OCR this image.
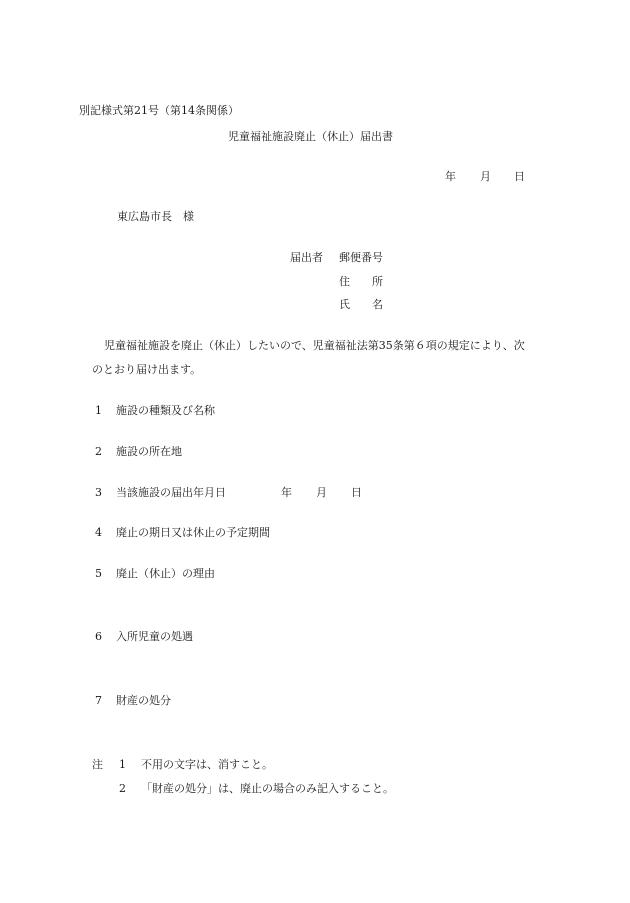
別記様式第21号（第14条関係）
児童福祉施設廃止（休止）届出書
年 月 日
東広島市長　様
届出者 郵便番号
住　　所
氏　　名
児童福祉施設を廃止（休止）したいので、児童福祉法第35条第６項の規定により、次
のとおり届け出ます。
1 施設の種類及び名称
2 施設の所在地
3 当該施設の届出年月日	年 月 日
4 廃止の期日又は休止の予定期間
5 廃止（休止）の理由
6 入所児童の処遇
7 財産の処分
注 1 不用の文字は、消すこと。
2 「財産の処分」は、廃止の場合のみ記入すること。
